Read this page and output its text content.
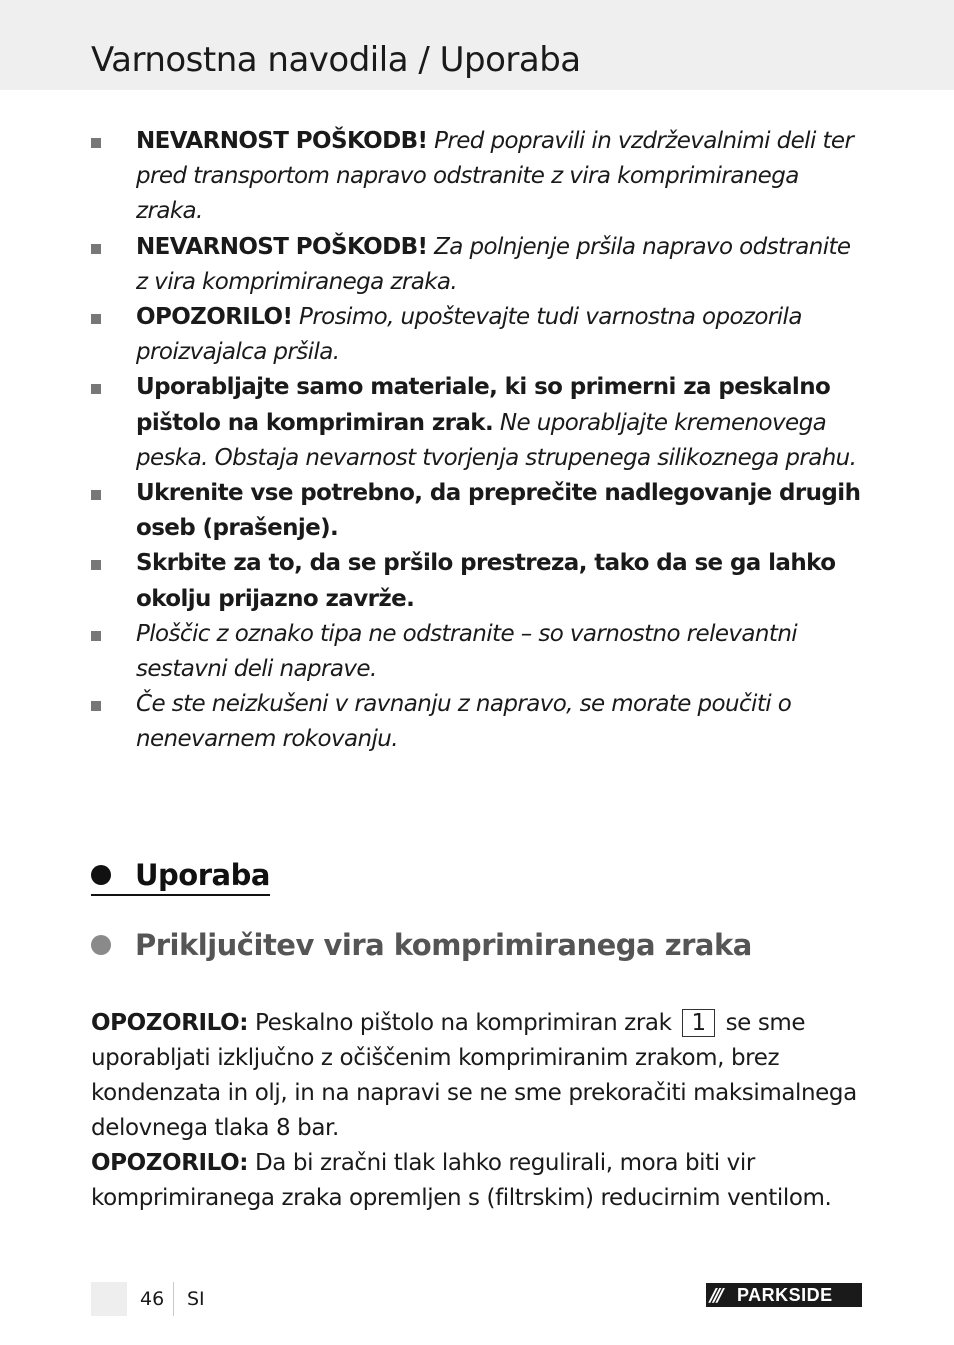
Varnostna navodila / Uporaba
NEVARNOST POŠKODB! Pred popravili in vzdrževalnimi deli ter pred transportom napravo odstranite z vira komprimiranega zraka.
NEVARNOST POŠKODB! Za polnjenje pršila napravo odstranite z vira komprimiranega zraka.
OPOZORILO! Prosimo, upoštevajte tudi varnostna opozorila proizvajalca pršila.
Uporabljajte samo materiale, ki so primerni za peskalno pištolo na komprimiran zrak. Ne uporabljajte kremenovega peska. Obstaja nevarnost tvorjenja strupenega silikoznega prahu.
Ukrenite vse potrebno, da preprečite nadlegovanje drugih oseb (prašenje).
Skrbite za to, da se pršilo prestreza, tako da se ga lahko okolju prijazno zavrže.
Ploščic z oznako tipa ne odstranite – so varnostno relevantni sestavni deli naprave.
Če ste neizkušeni v ravnanju z napravo, se morate poučiti o nenevarnem rokovanju.
Uporaba
Priključitev vira komprimiranega zraka
OPOZORILO: Peskalno pištolo na komprimiran zrak 1 se sme uporabljati izključno z očiščenim komprimiranim zrakom, brez kondenzata in olj, in na napravi se ne sme prekoračiti maksimalnega delovnega tlaka 8 bar.
OPOZORILO: Da bi zračni tlak lahko regulirali, mora biti vir komprimiranega zraka opremljen s (filtrskim) reducirnim ventilom.
46 SI	/// PARKSIDE
